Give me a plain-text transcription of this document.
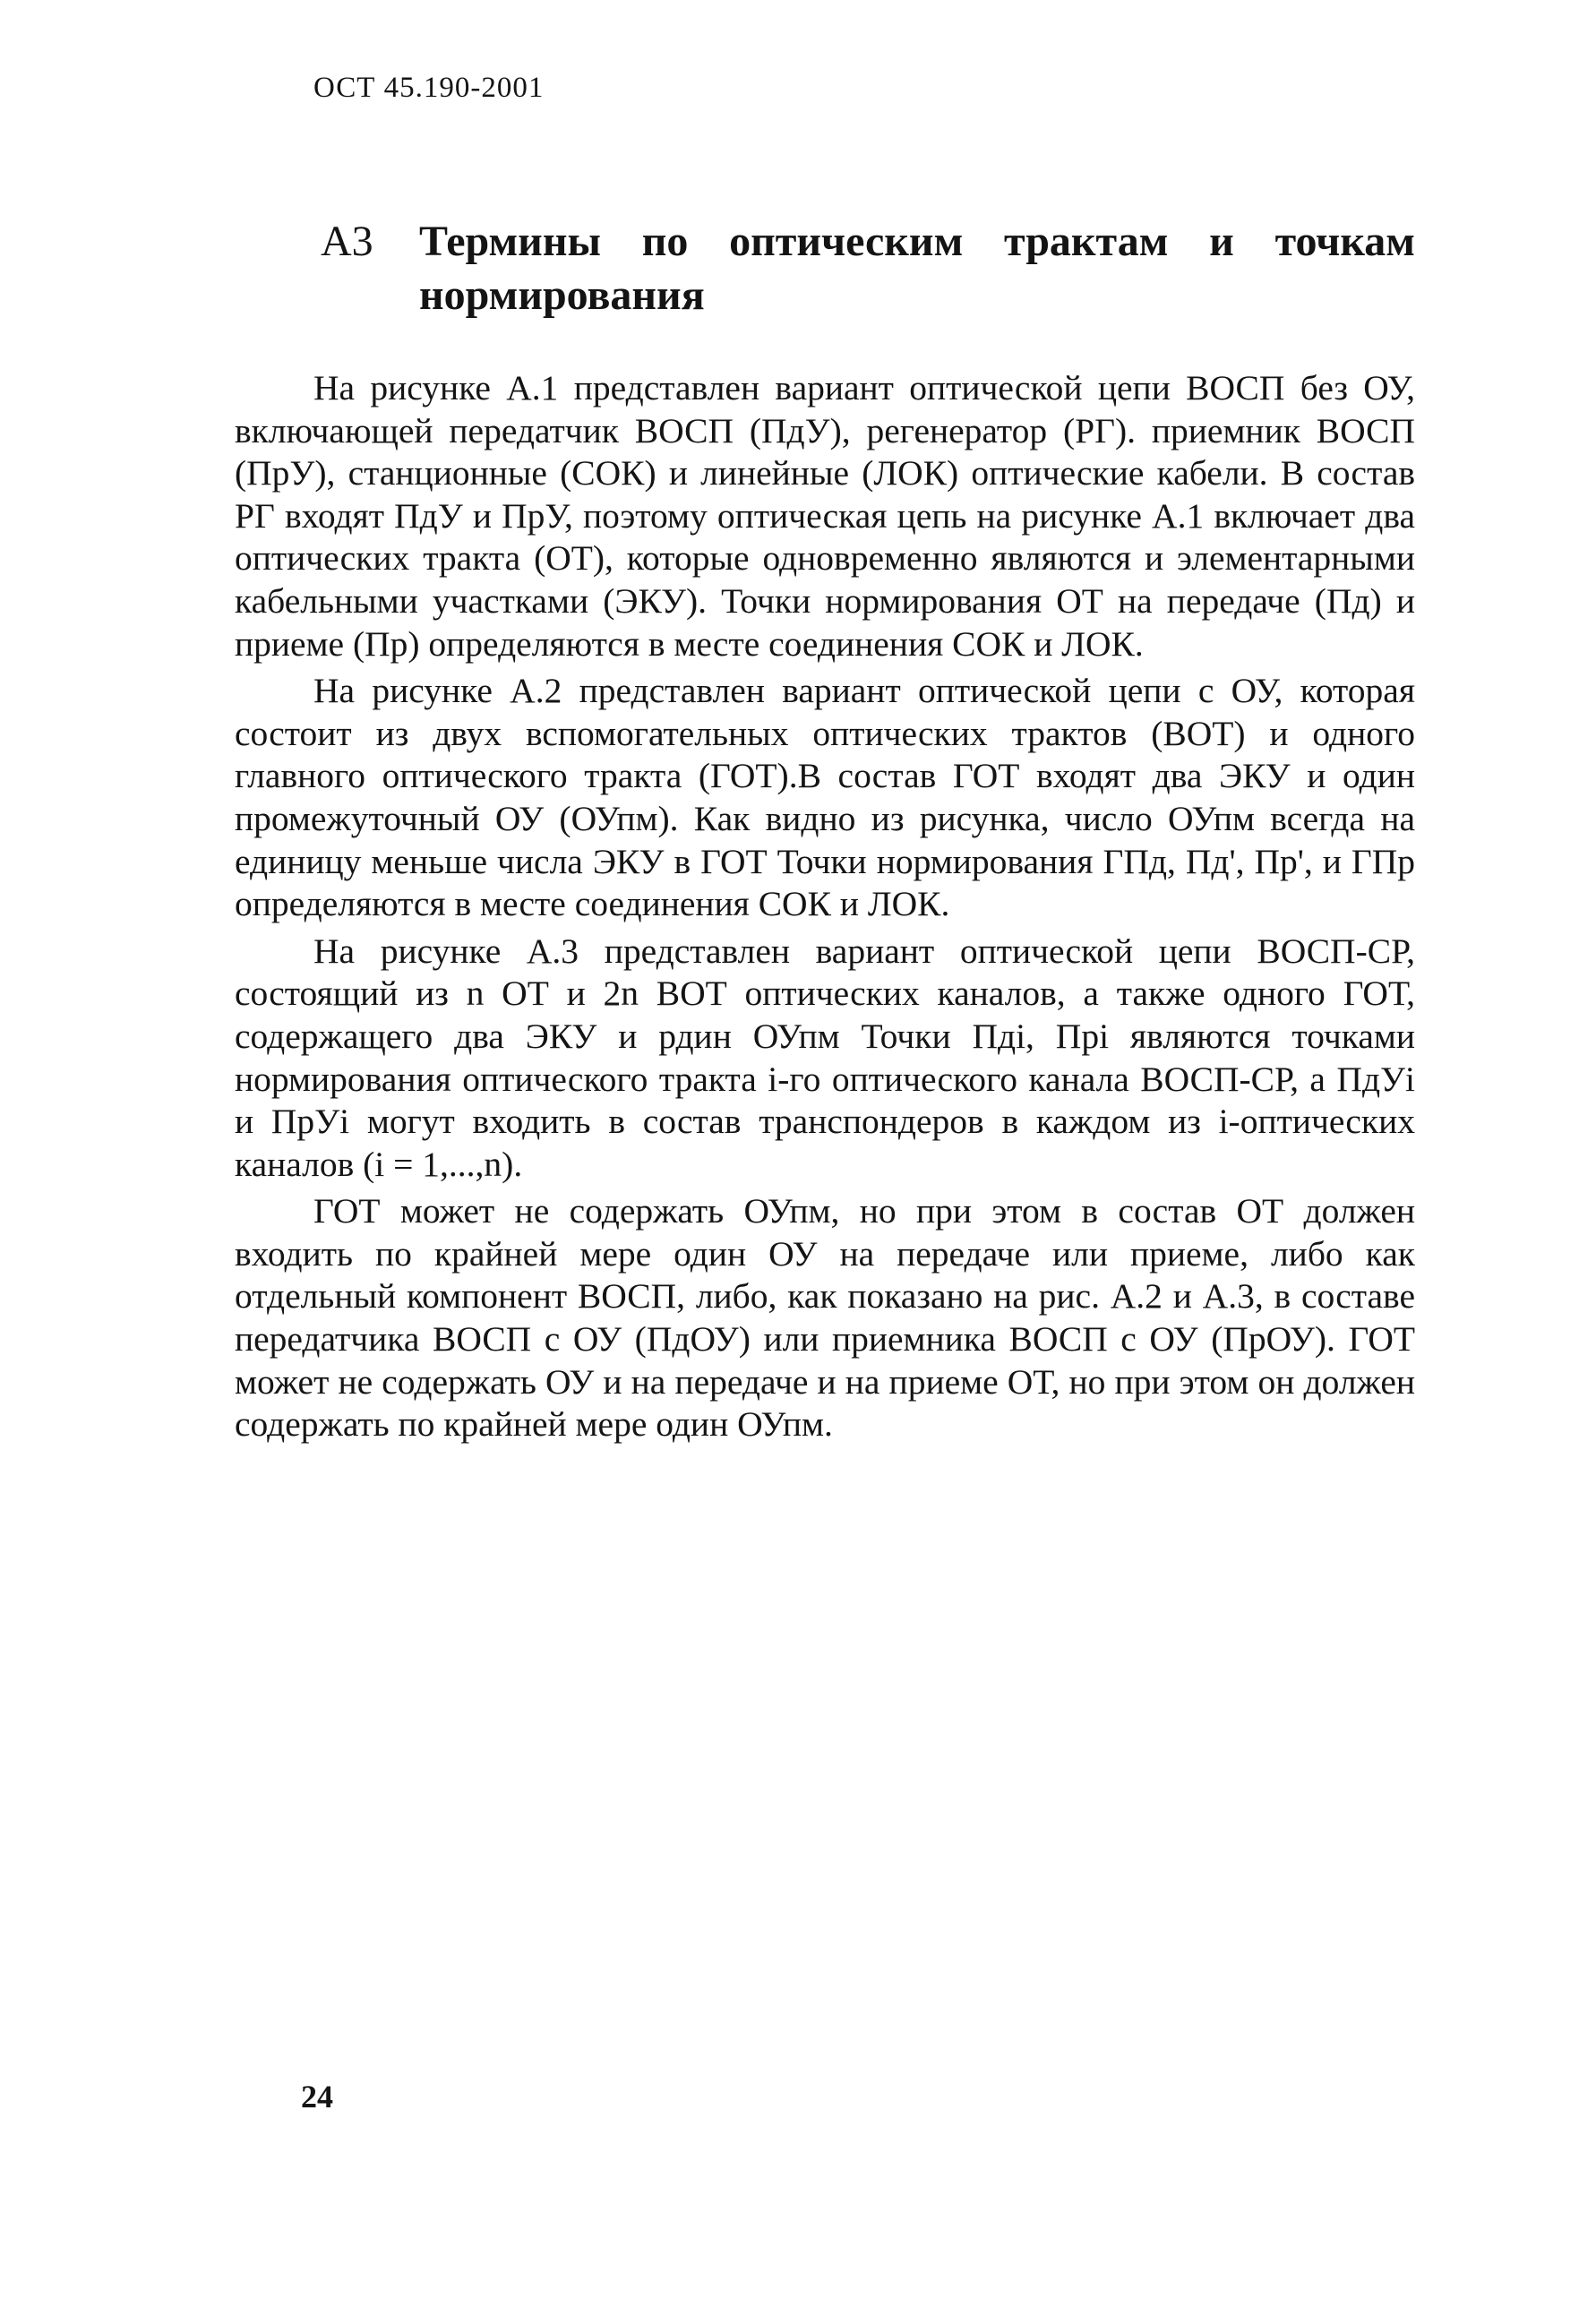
ОСТ 45.190-2001
А3 Термины по оптическим трактам и точкам нормирования

На рисунке А.1 представлен вариант оптической цепи ВОСП без ОУ, включающей передатчик ВОСП (ПдУ), регенератор (РГ). приемник ВОСП (ПрУ), станционные (СОК) и линейные (ЛОК) оптические кабели. В состав РГ входят ПдУ и ПрУ, поэтому оптическая цепь на рисунке А.1 включает два оптических тракта (ОТ), которые одновременно являются и элементарными кабельными участками (ЭКУ). Точки нормирования ОТ на передаче (Пд) и приеме (Пр) определяются в месте соединения СОК и ЛОК.

На рисунке А.2 представлен вариант оптической цепи с ОУ, которая состоит из двух вспомогательных оптических трактов (ВОТ) и одного главного оптического тракта (ГОТ).В состав ГОТ входят два ЭКУ и один промежуточный ОУ (ОУпм). Как видно из рисунка, число ОУпм всегда на единицу меньше числа ЭКУ в ГОТ Точки нормирования ГПд, Пд', Пр', и ГПр определяются в месте соединения СОК и ЛОК.

На рисунке А.3 представлен вариант оптической цепи ВОСП-СР, состоящий из n ОТ и 2n ВОТ оптических каналов, а также одного ГОТ, содержащего два ЭКУ и рдин ОУпм Точки Пдi, Прi являются точками нормирования оптического тракта i-го оптического канала ВОСП-СР, а ПдУi и ПрУi могут входить в состав транспондеров в каждом из i-оптических каналов (i = 1,...,n).

ГОТ может не содержать ОУпм, но при этом в состав ОТ должен входить по крайней мере один ОУ на передаче или приеме, либо как отдельный компонент ВОСП, либо, как показано на рис. А.2 и А.3, в составе передатчика ВОСП с ОУ (ПдОУ) или приемника ВОСП с ОУ (ПрОУ). ГОТ может не содержать ОУ и на передаче и на приеме ОТ, но при этом он должен содержать по крайней мере один ОУпм.

24
